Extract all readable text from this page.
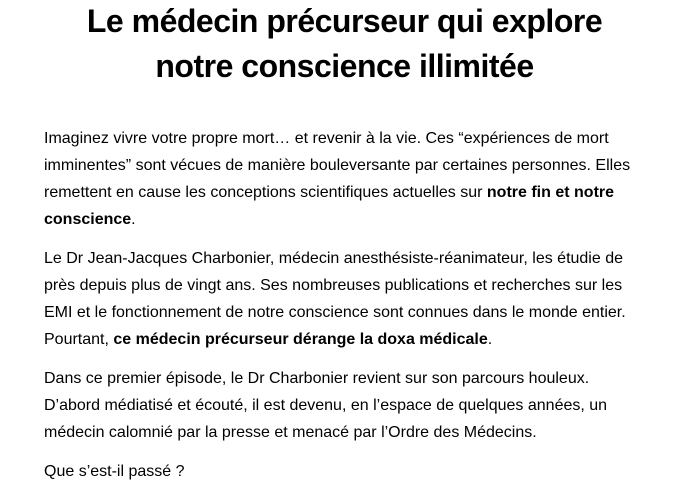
Le médecin précurseur qui explore notre conscience illimitée

Imaginez vivre votre propre mort… et revenir à la vie. Ces “expériences de mort imminentes” sont vécues de manière bouleversante par certaines personnes. Elles remettent en cause les conceptions scientifiques actuelles sur notre fin et notre conscience.

Le Dr Jean-Jacques Charbonier, médecin anesthésiste-réanimateur, les étudie de près depuis plus de vingt ans. Ses nombreuses publications et recherches sur les EMI et le fonctionnement de notre conscience sont connues dans le monde entier. Pourtant, ce médecin précurseur dérange la doxa médicale.

Dans ce premier épisode, le Dr Charbonier revient sur son parcours houleux. D’abord médiatisé et écouté, il est devenu, en l’espace de quelques années, un médecin calomnié par la presse et menacé par l’Ordre des Médecins.

Que s’est-il passé ?
